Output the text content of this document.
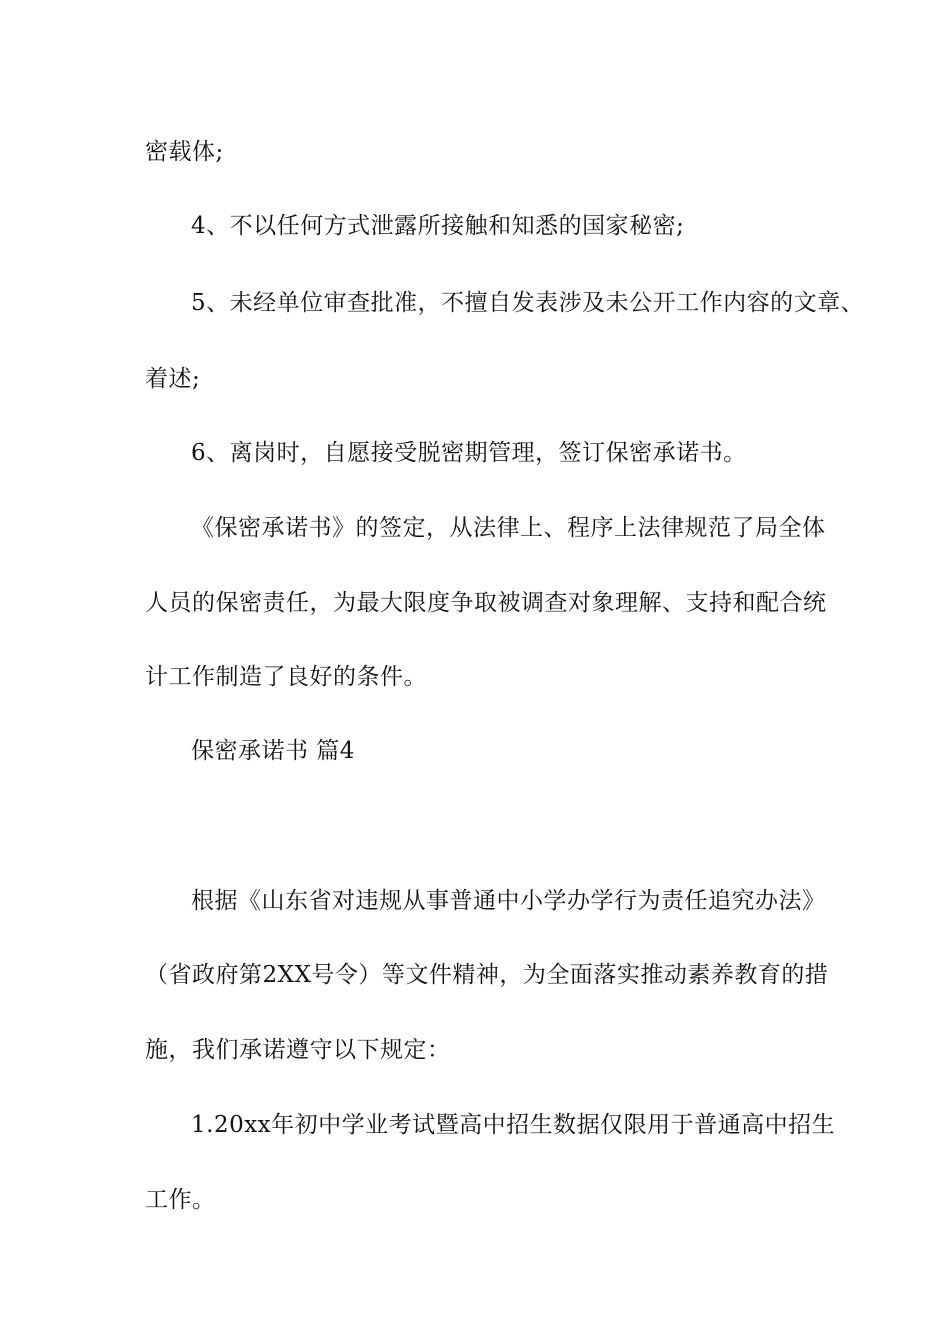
密载体;
4、不以任何方式泄露所接触和知悉的国家秘密;
5、未经单位审查批准，不擅自发表涉及未公开工作内容的文章、
着述;
6、离岗时，自愿接受脱密期管理，签订保密承诺书。
《保密承诺书》的签定，从法律上、程序上法律规范了局全体
人员的保密责任，为最大限度争取被调查对象理解、支持和配合统
计工作制造了良好的条件。
保密承诺书 篇4
根据《山东省对违规从事普通中小学办学行为责任追究办法》
（省政府第2XX号令）等文件精神，为全面落实推动素养教育的措
施，我们承诺遵守以下规定：
1.20xx年初中学业考试暨高中招生数据仅限用于普通高中招生
工作。
